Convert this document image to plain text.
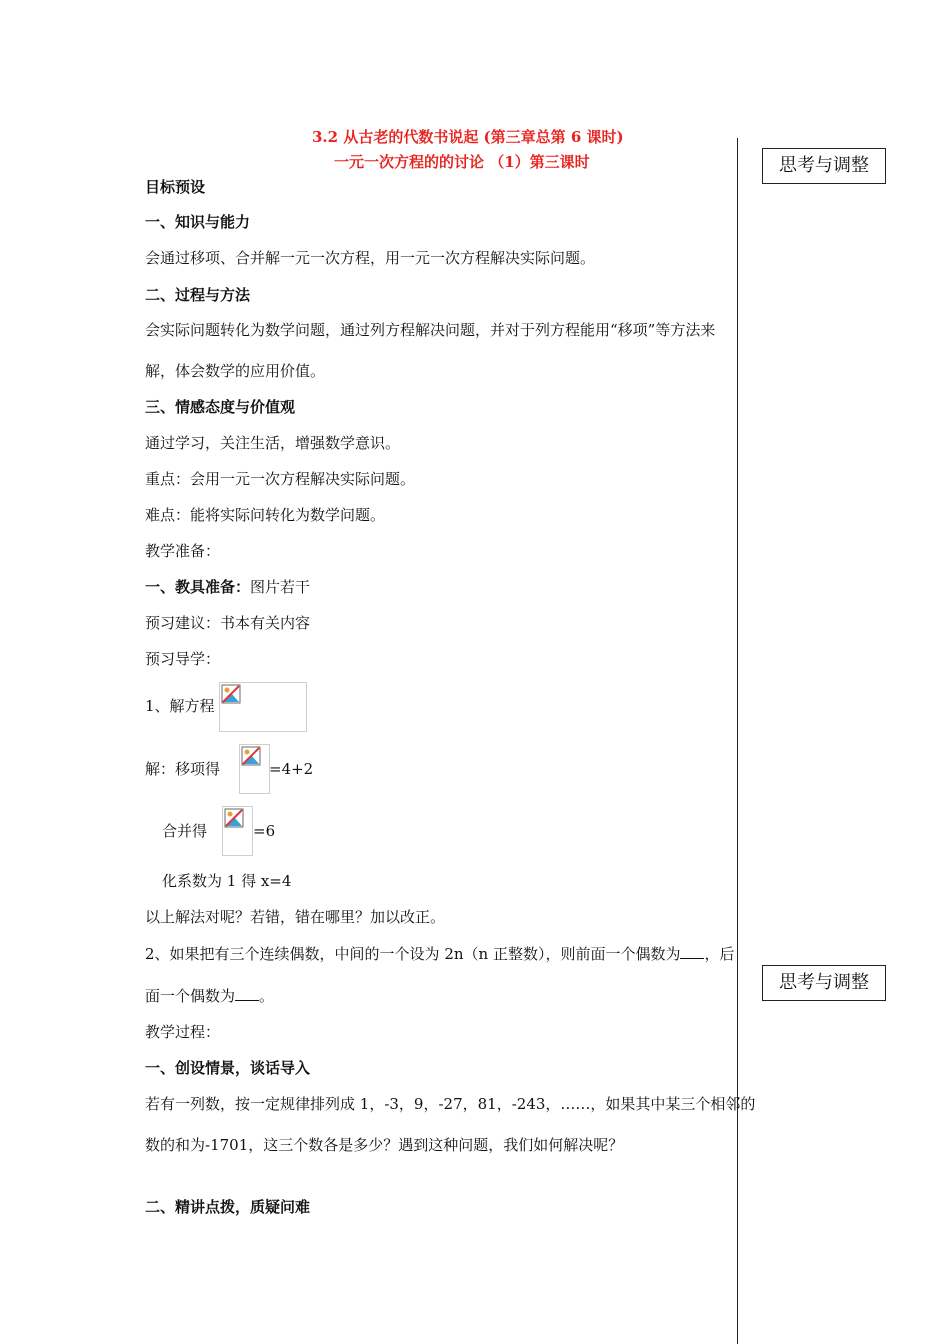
3.2 从古老的代数书说起 (第三章总第 6 课时)
一元一次方程的的讨论 （1）第三课时	思考与调整
思考与调整
目标预设
一、知识与能力
会通过移项、合并解一元一次方程，用一元一次方程解决实际问题。
二、过程与方法
会实际问题转化为数学问题，通过列方程解决问题，并对于列方程能用“移项”等方法来
解，体会数学的应用价值。
三、情感态度与价值观
通过学习，关注生活，增强数学意识。
重点：会用一元一次方程解决实际问题。
难点：能将实际问转化为数学问题。
教学准备：
一、教具准备：图片若干
预习建议：书本有关内容
预习导学：
1、解方程
解：移项得	=4+2
合并得	=6
化系数为 1 得 x=4
以上解法对呢？若错，错在哪里？加以改正。
2、如果把有三个连续偶数，中间的一个设为 2n（n 正整数），则前面一个偶数为 ，后
面一个偶数为 。
教学过程：
一、创设情景，谈话导入
若有一列数，按一定规律排列成 1，-3，9，-27，81，-243，……，如果其中某三个相邻的
数的和为-1701，这三个数各是多少？遇到这种问题，我们如何解决呢？
二、精讲点拨，质疑问难
